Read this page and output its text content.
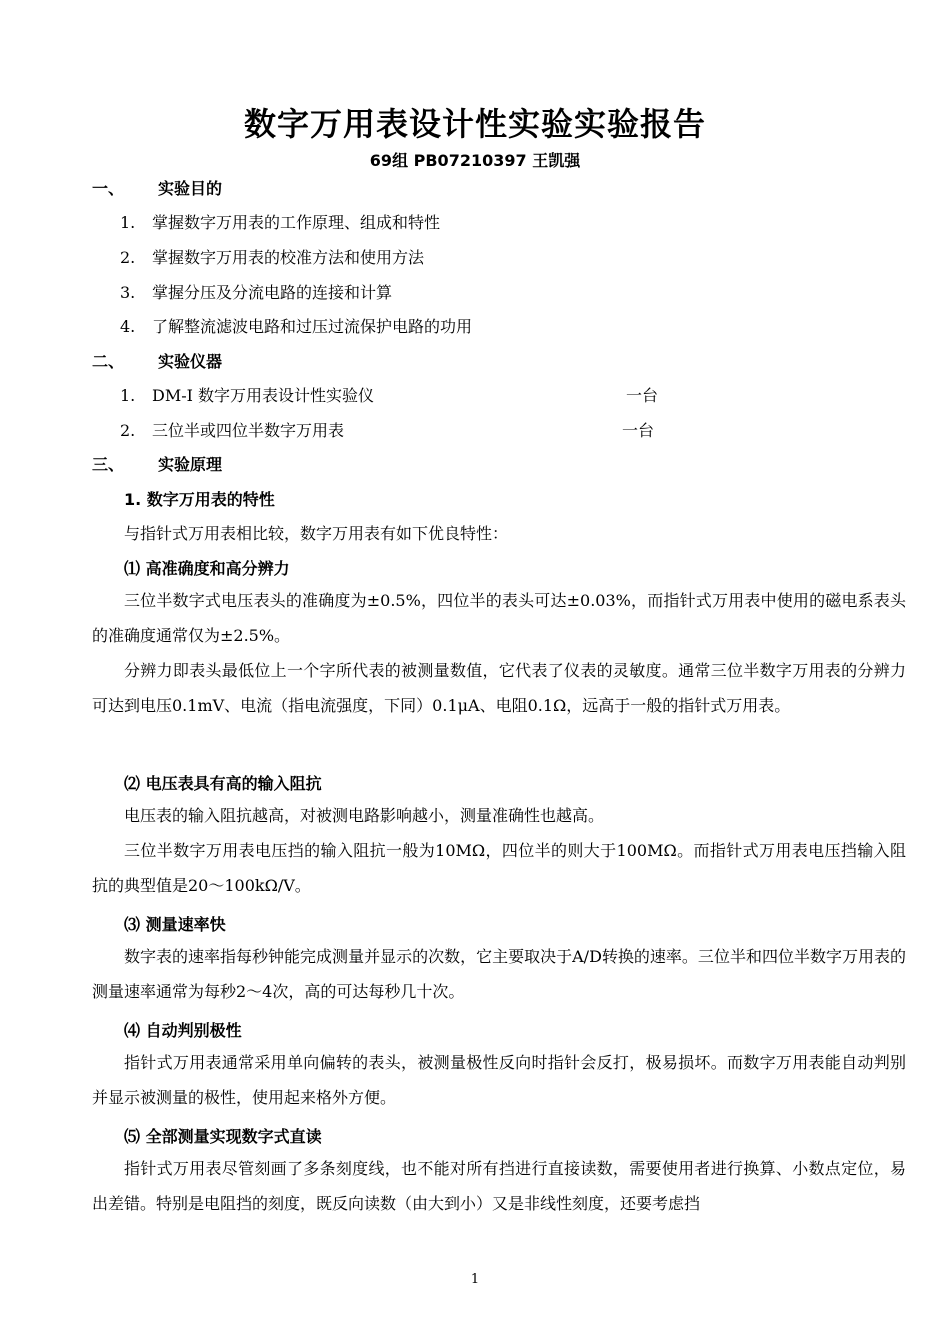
数字万用表设计性实验实验报告
69组 PB07210397 王凯强
一、 实验目的
1. 掌握数字万用表的工作原理、组成和特性
2. 掌握数字万用表的校准方法和使用方法
3. 掌握分压及分流电路的连接和计算
4. 了解整流滤波电路和过压过流保护电路的功用
二、 实验仪器
1. DM-Ⅰ 数字万用表设计性实验仪	一台
2. 三位半或四位半数字万用表	一台
三、 实验原理
1. 数字万用表的特性
与指针式万用表相比较，数字万用表有如下优良特性：
⑴ 高准确度和高分辨力

三位半数字式电压表头的准确度为±0.5%，四位半的表头可达±0.03%，而指针式万用表中使用的磁电系表头的准确度通常仅为±2.5%。

分辨力即表头最低位上一个字所代表的被测量数值，它代表了仪表的灵敏度。通常三位半数字万用表的分辨力可达到电压0.1mV、电流（指电流强度，下同）0.1μA、电阻0.1Ω，远高于一般的指针式万用表。

⑵ 电压表具有高的输入阻抗

电压表的输入阻抗越高，对被测电路影响越小，测量准确性也越高。

三位半数字万用表电压挡的输入阻抗一般为10MΩ，四位半的则大于100MΩ。而指针式万用表电压挡输入阻抗的典型值是20～100kΩ/V。

⑶ 测量速率快

数字表的速率指每秒钟能完成测量并显示的次数，它主要取决于A/D转换的速率。三位半和四位半数字万用表的测量速率通常为每秒2～4次，高的可达每秒几十次。

⑷ 自动判别极性

指针式万用表通常采用单向偏转的表头，被测量极性反向时指针会反打，极易损坏。而数字万用表能自动判别并显示被测量的极性，使用起来格外方便。

⑸ 全部测量实现数字式直读

指针式万用表尽管刻画了多条刻度线，也不能对所有挡进行直接读数，需要使用者进行换算、小数点定位，易出差错。特别是电阻挡的刻度，既反向读数（由大到小）又是非线性刻度，还要考虑挡

1
